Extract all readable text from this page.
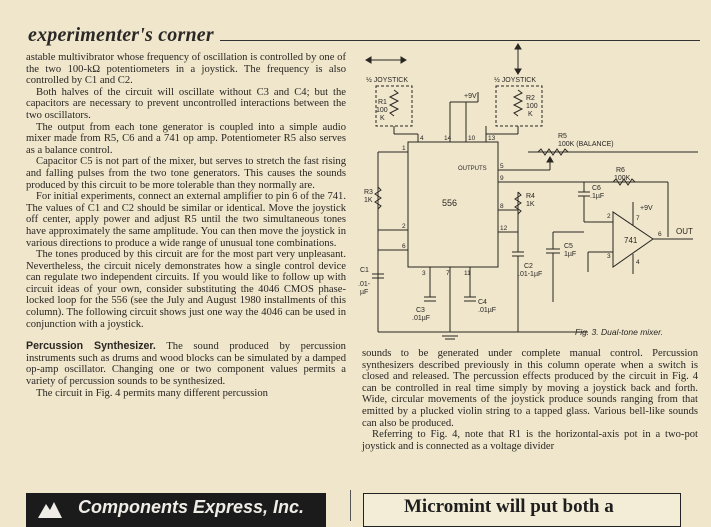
experimenter's corner

astable multivibrator whose frequency of oscillation is controlled by one of the two 100-kΩ potentiometers in a joystick. The frequency is also controlled by C1 and C2.

Both halves of the circuit will oscillate without C3 and C4; but the capacitors are necessary to prevent uncontrolled interactions between the two oscillators.

The output from each tone generator is coupled into a simple audio mixer made from R5, C6 and a 741 op amp. Potentiometer R5 also serves as a balance control.

Capacitor C5 is not part of the mixer, but serves to stretch the fast rising and falling pulses from the two tone generators. This causes the sounds produced by this circuit to be more tolerable than they normally are.

For initial experiments, connect an external amplifier to pin 6 of the 741. The values of C1 and C2 should be similar or identical. Move the joystick off center, apply power and adjust R5 until the two simultaneous tones have approximately the same amplitude. You can then move the joystick in various directions to produce a wide range of unusual tone combinations.

The tones produced by this circuit are for the most part very unpleasant. Nevertheless, the circuit nicely demonstrates how a single control device can regulate two independent circuits. If you would like to follow up with circuit ideas of your own, consider substituting the 4046 CMOS phase-locked loop for the 556 (see the July and August 1980 installments of this column). The following circuit shows just one way the 4046 can be used in conjunction with a joystick.

Percussion Synthesizer. The sound produced by percussion instruments such as drums and wood blocks can be simulated by a damped op-amp oscillator. Changing one or two component values permits a variety of percussion sounds to be synthesized.

The circuit in Fig. 4 permits many different percussion

½ JOYSTICK	½ JOYSTICK
R1
100
K
R2
100
K
+9V
+9V
556
OUTPUTS
R3
1K
R4
1K
R5
100K (BALANCE)
R6
100K
C1
.01-
µF
C2
.01-1µF
C3
.01µF
C4
.01µF
C5
1µF
C6
.1µF
741
OUT
4	14	10 13
1
5
9
8
12
2
6
3	7 11
2	7
6
3
4
Fig. 3. Dual-tone mixer.

sounds to be generated under complete manual control. Percussion synthesizers described previously in this column operate when a switch is closed and released. The percussion effects produced by the circuit in Fig. 4 can be controlled in real time simply by moving a joystick back and forth. Wide, circular movements of the joystick produce sounds ranging from that emitted by a plucked violin string to a tapped glass. Various bell-like sounds can also be produced.

Referring to Fig. 4, note that R1 is the horizontal-axis pot in a two-pot joystick and is connected as a voltage divider

Components Express, Inc.	Micromint will put both a
